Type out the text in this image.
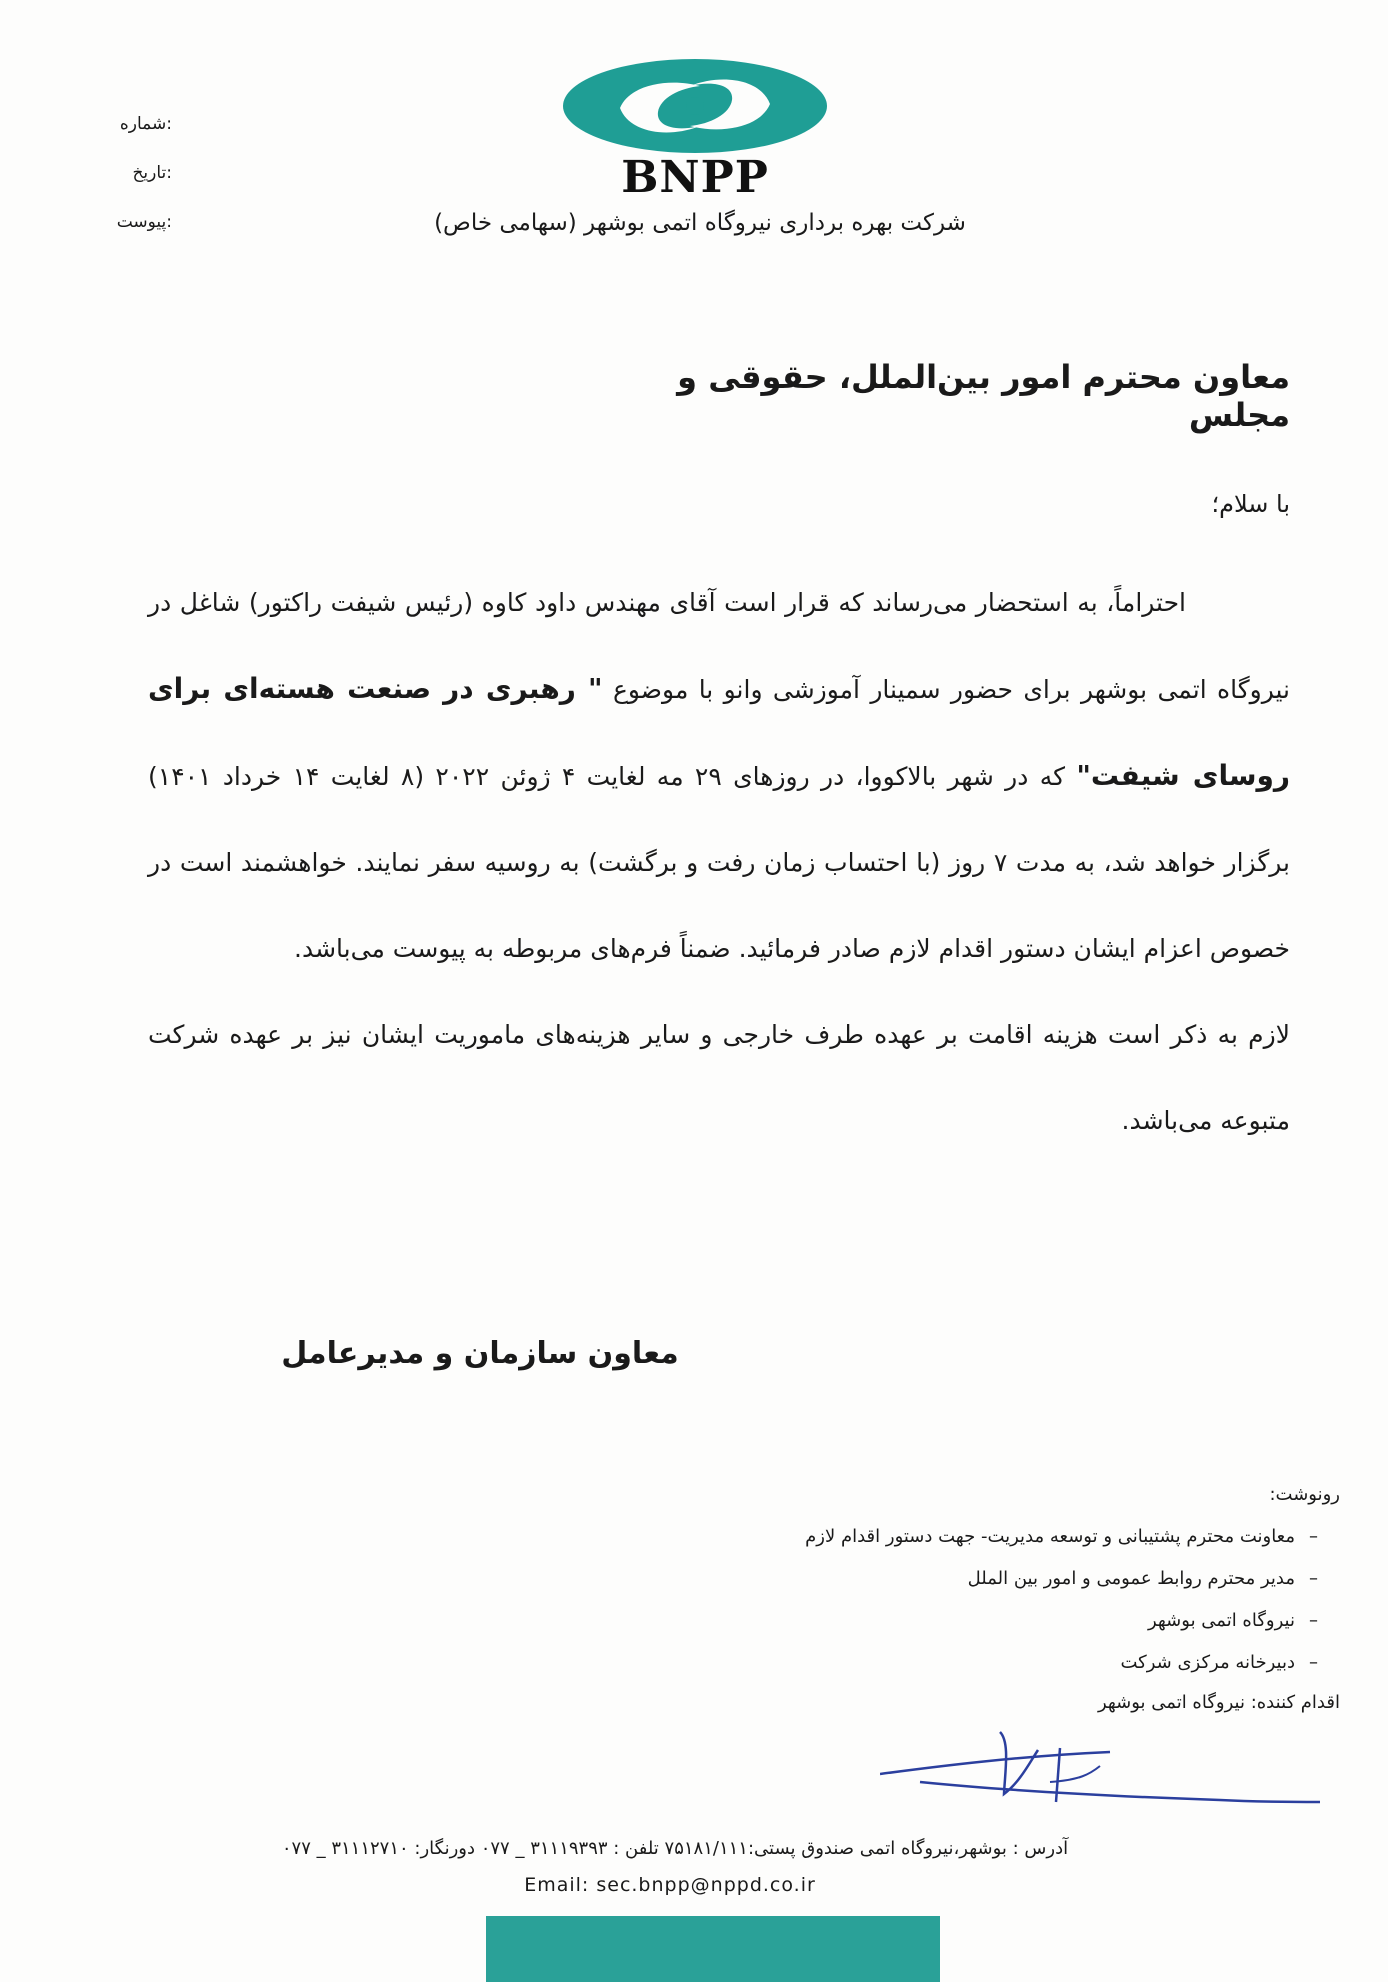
:شماره
:تاریخ
:پیوست
BNPP
شرکت بهره برداری نیروگاه اتمی بوشهر (سهامی خاص)
معاون محترم امور بین‌الملل، حقوقی و مجلس
با سلام؛

احتراماً، به استحضار می‌رساند که قرار است آقای مهندس داود کاوه (رئیس شیفت راکتور) شاغل در نیروگاه اتمی بوشهر برای حضور سمینار آموزشی وانو با موضوع " رهبری در صنعت هسته‌ای برای روسای شیفت" که در شهر بالاکووا، در روزهای ۲۹ مه لغایت ۴ ژوئن ۲۰۲۲ (۸ لغایت ۱۴ خرداد ۱۴۰۱) برگزار خواهد شد، به مدت ۷ روز (با احتساب زمان رفت و برگشت) به روسیه سفر نمایند. خواهشمند است در خصوص اعزام ایشان دستور اقدام لازم صادر فرمائید. ضمناً فرم‌های مربوطه به پیوست می‌باشد.

لازم به ذکر است هزینه اقامت بر عهده طرف خارجی و سایر هزینه‌های ماموریت ایشان نیز بر عهده شرکت متبوعه می‌باشد.

معاون سازمان و مدیرعامل
رونوشت:
–معاونت محترم پشتیبانی و توسعه مدیریت- جهت دستور اقدام لازم
–مدیر محترم روابط عمومی و امور بین الملل
–نیروگاه اتمی بوشهر
–دبیرخانه مرکزی شرکت
اقدام کننده: نیروگاه اتمی بوشهر
آدرس : بوشهر،نیروگاه اتمی صندوق پستی:۷۵۱۸۱/۱۱۱ تلفن : ۳۱۱۱۹۳۹۳ _ ۰۷۷ دورنگار: ۳۱۱۱۲۷۱۰ _ ۰۷۷
Email: sec.bnpp@nppd.co.ir
